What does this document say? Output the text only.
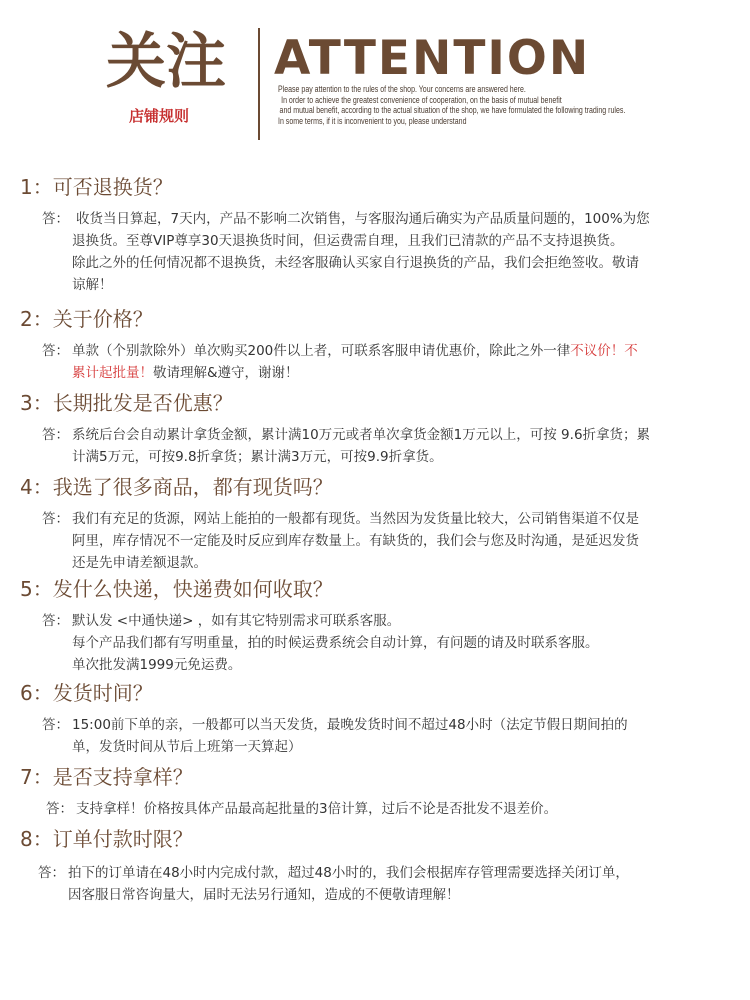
关注
店铺规则
ATTENTION
Please pay attention to the rules of the shop. Your concerns are answered here.
In order to achieve the greatest convenience of cooperation, on the basis of mutual benefit
and mutual benefit, according to the actual situation of the shop, we have formulated the following trading rules.
In some terms, if it is inconvenient to you, please understand
1：可否退换货？
答： 收货当日算起，7天内，产品不影响二次销售，与客服沟通后确实为产品质量问题的，100%为您
退换货。至尊VIP尊享30天退换货时间，但运费需自理，且我们已清款的产品不支持退换货。
除此之外的任何情况都不退换货，未经客服确认买家自行退换货的产品，我们会拒绝签收。敬请
谅解！
2：关于价格？
答： 单款（个别款除外）单次购买200件以上者，可联系客服申请优惠价，除此之外一律不议价！不
累计起批量！敬请理解&遵守，谢谢！
3：长期批发是否优惠？
答： 系统后台会自动累计拿货金额，累计满10万元或者单次拿货金额1万元以上，可按 9.6折拿货；累
计满5万元，可按9.8折拿货；累计满3万元，可按9.9折拿货。
4：我选了很多商品，都有现货吗？
答： 我们有充足的货源，网站上能拍的一般都有现货。当然因为发货量比较大，公司销售渠道不仅是
阿里，库存情况不一定能及时反应到库存数量上。有缺货的，我们会与您及时沟通，是延迟发货
还是先申请差额退款。
5：发什么快递，快递费如何收取？
答： 默认发 <中通快递> ，如有其它特别需求可联系客服。
每个产品我们都有写明重量，拍的时候运费系统会自动计算，有问题的请及时联系客服。
单次批发满1999元免运费。
6：发货时间？
答： 15:00前下单的亲，一般都可以当天发货，最晚发货时间不超过48小时（法定节假日期间拍的
单，发货时间从节后上班第一天算起）
7：是否支持拿样？
答： 支持拿样！价格按具体产品最高起批量的3倍计算，过后不论是否批发不退差价。
8：订单付款时限？
答： 拍下的订单请在48小时内完成付款，超过48小时的，我们会根据库存管理需要选择关闭订单，
因客服日常咨询量大，届时无法另行通知，造成的不便敬请理解！
